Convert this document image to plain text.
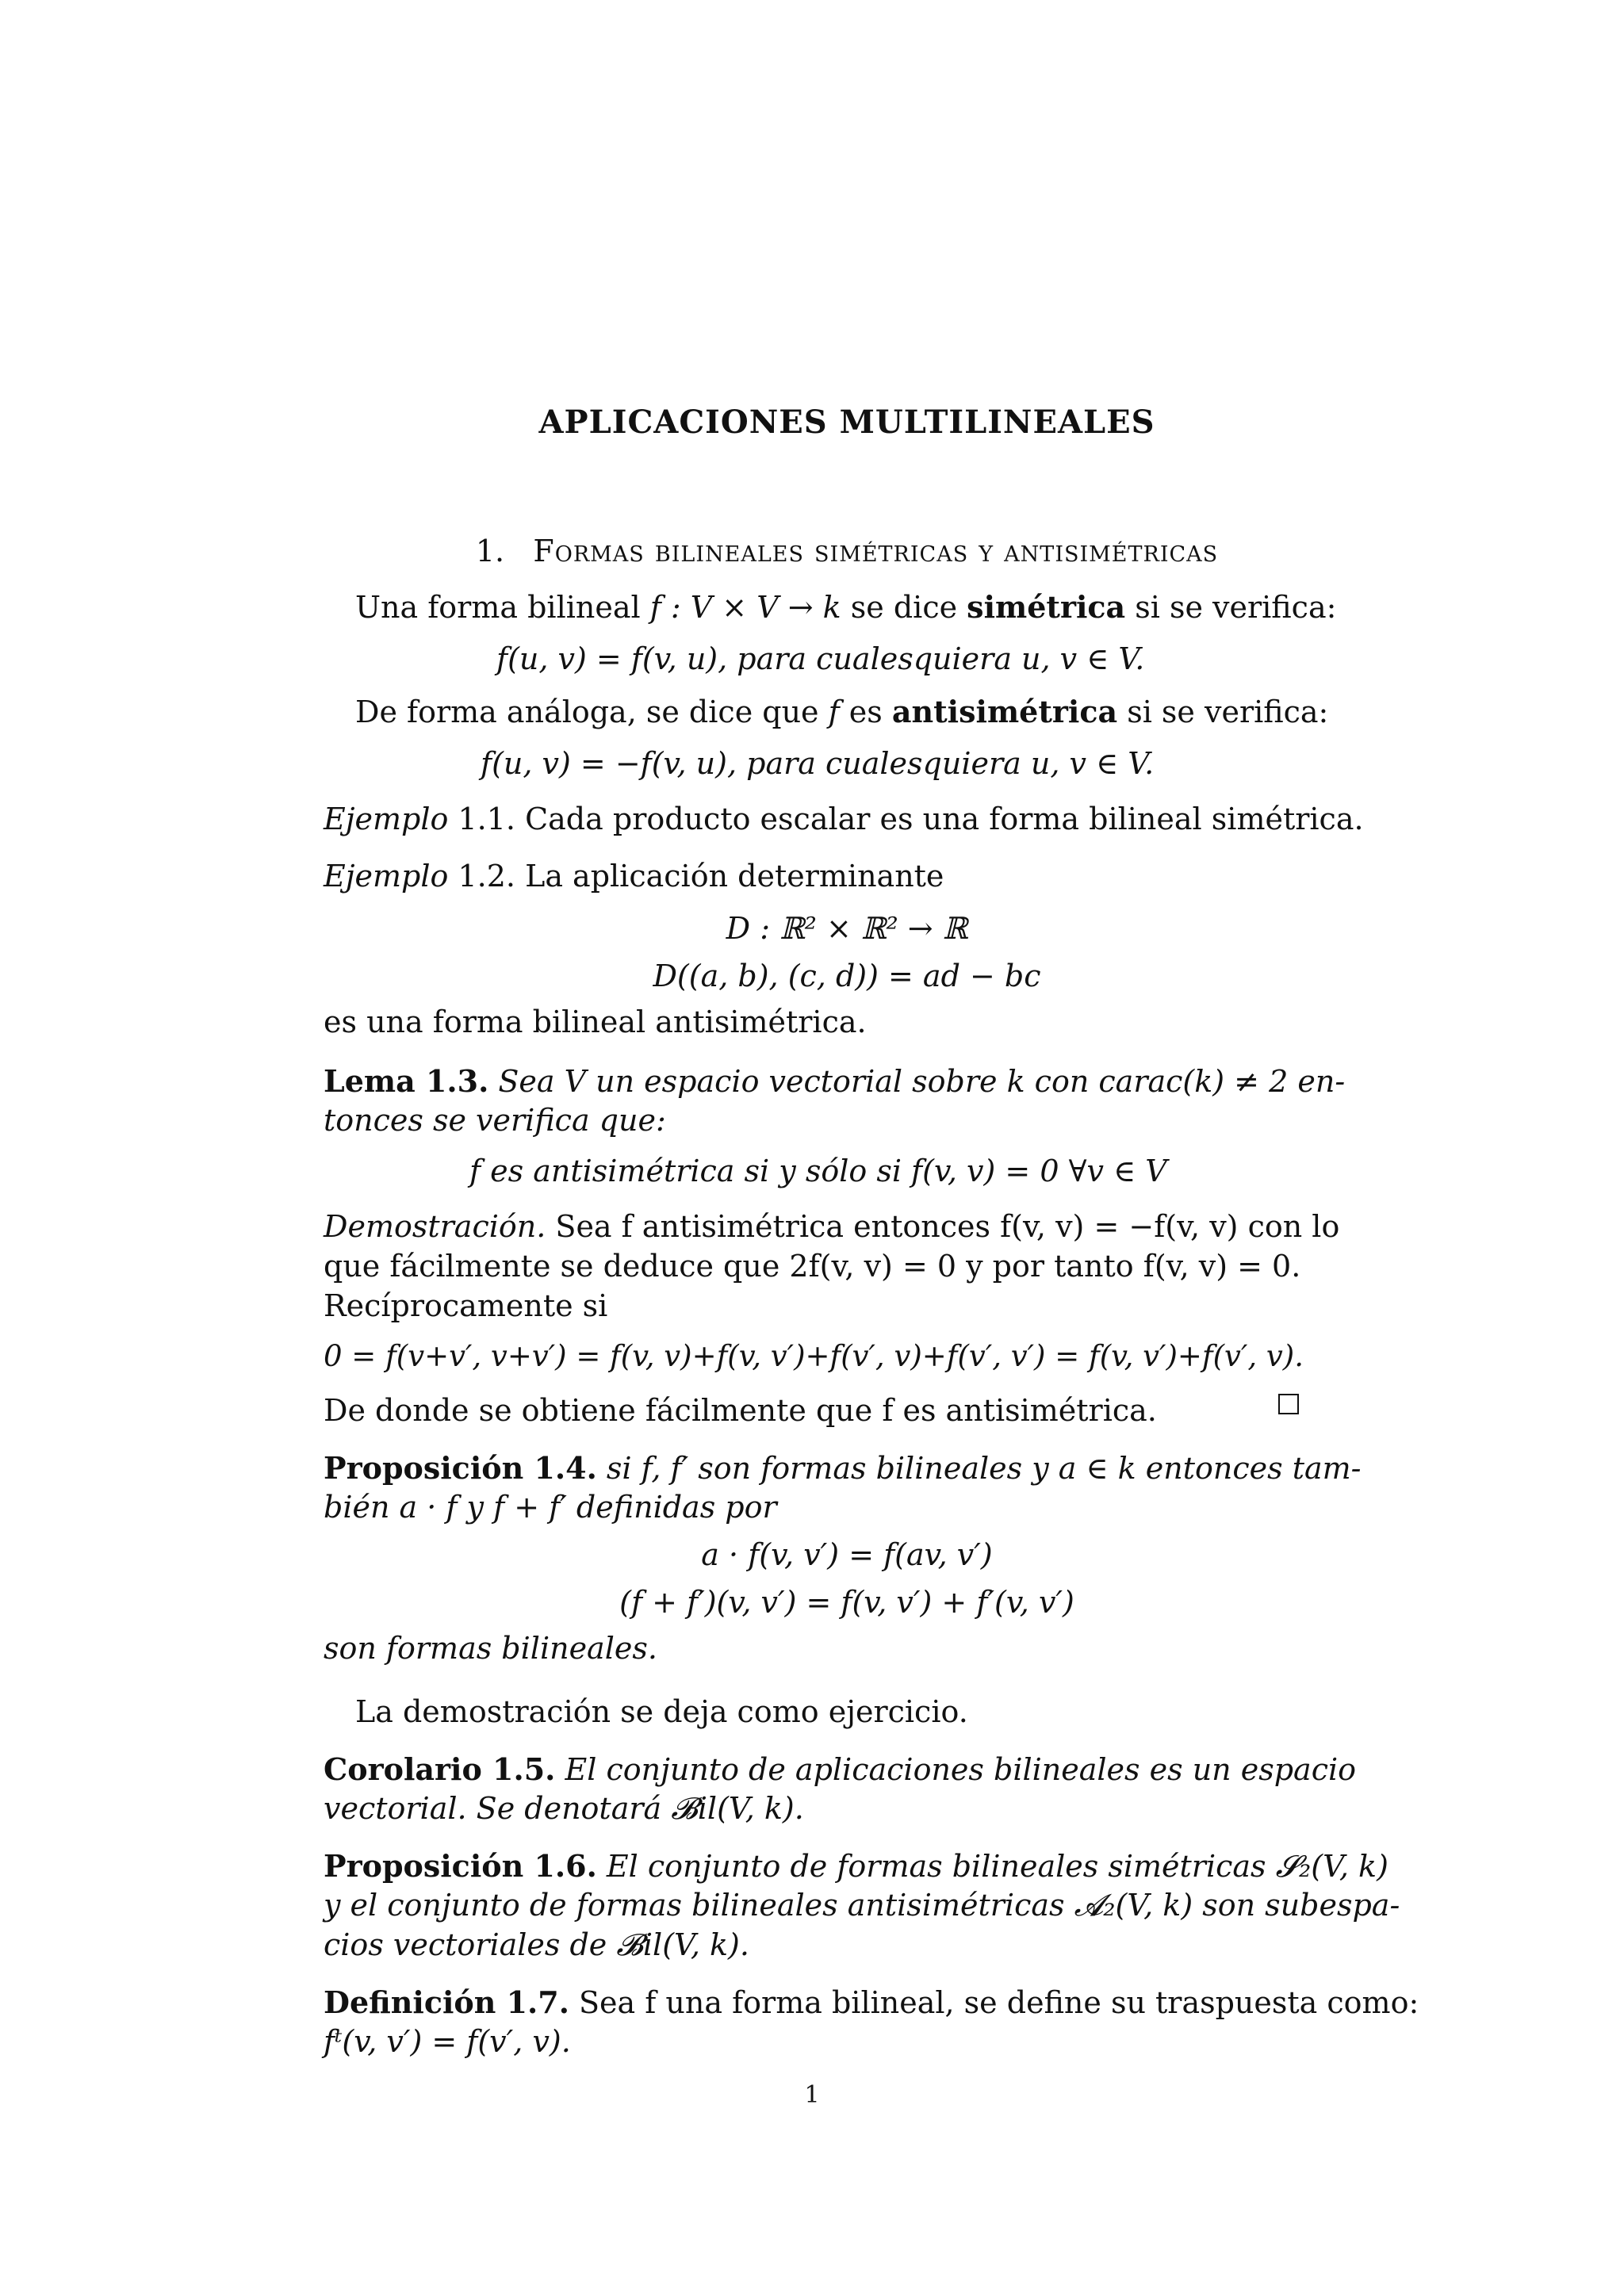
APLICACIONES MULTILINEALES
1. Formas bilineales simétricas y antisimétricas
Una forma bilineal f : V × V → k se dice simétrica si se verifica:
f(u, v) = f(v, u), para cualesquiera u, v ∈ V.
De forma análoga, se dice que f es antisimétrica si se verifica:
f(u, v) = −f(v, u), para cualesquiera u, v ∈ V.
Ejemplo 1.1. Cada producto escalar es una forma bilineal simétrica.
Ejemplo 1.2. La aplicación determinante
D : ℝ² × ℝ² → ℝ
D((a, b), (c, d)) = ad − bc
es una forma bilineal antisimétrica.
Lema 1.3. Sea V un espacio vectorial sobre k con carac(k) ≠ 2 en-
tonces se verifica que:
f es antisimétrica si y sólo si f(v, v) = 0 ∀v ∈ V
Demostración. Sea f antisimétrica entonces f(v, v) = −f(v, v) con lo
que fácilmente se deduce que 2f(v, v) = 0 y por tanto f(v, v) = 0.
Recíprocamente si
0 = f(v+v′, v+v′) = f(v, v)+f(v, v′)+f(v′, v)+f(v′, v′) = f(v, v′)+f(v′, v).
De donde se obtiene fácilmente que f es antisimétrica.
Proposición 1.4. si f, f′ son formas bilineales y a ∈ k entonces tam-
bién a · f y f + f′ definidas por
a · f(v, v′) = f(av, v′)
(f + f′)(v, v′) = f(v, v′) + f′(v, v′)
son formas bilineales.
La demostración se deja como ejercicio.
Corolario 1.5. El conjunto de aplicaciones bilineales es un espacio
vectorial. Se denotará 𝓑il(V, k).
Proposición 1.6. El conjunto de formas bilineales simétricas 𝓢₂(V, k)
y el conjunto de formas bilineales antisimétricas 𝓐₂(V, k) son subespa-
cios vectoriales de 𝓑il(V, k).
Definición 1.7. Sea f una forma bilineal, se define su traspuesta como:
fᵗ(v, v′) = f(v′, v).
1
